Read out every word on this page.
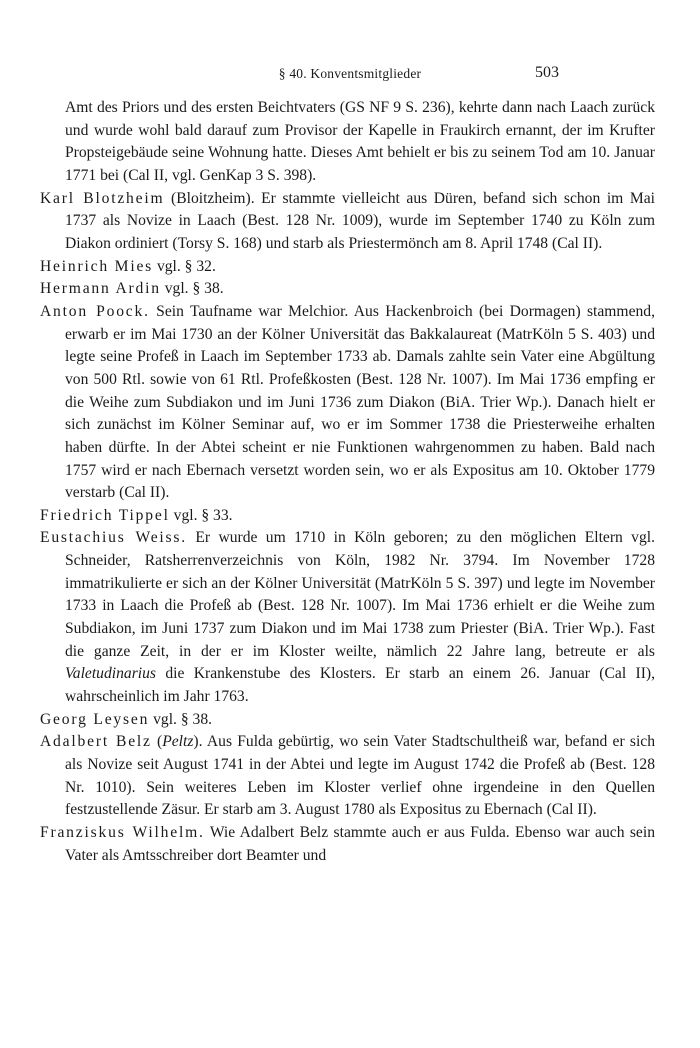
§ 40. Konventsmitglieder	503

Amt des Priors und des ersten Beichtvaters (GS NF 9 S. 236), kehrte dann nach Laach zurück und wurde wohl bald darauf zum Provisor der Kapelle in Fraukirch ernannt, der im Krufter Propsteigebäude seine Wohnung hatte. Dieses Amt behielt er bis zu seinem Tod am 10. Januar 1771 bei (Cal II, vgl. GenKap 3 S. 398).

Karl Blotzheim (Bloitzheim). Er stammte vielleicht aus Düren, befand sich schon im Mai 1737 als Novize in Laach (Best. 128 Nr. 1009), wurde im September 1740 zu Köln zum Diakon ordiniert (Torsy S. 168) und starb als Priestermönch am 8. April 1748 (Cal II).

Heinrich Mies vgl. § 32.

Hermann Ardin vgl. § 38.

Anton Poock. Sein Taufname war Melchior. Aus Hackenbroich (bei Dormagen) stammend, erwarb er im Mai 1730 an der Kölner Universität das Bakkalaureat (MatrKöln 5 S. 403) und legte seine Profeß in Laach im September 1733 ab. Damals zahlte sein Vater eine Abgültung von 500 Rtl. sowie von 61 Rtl. Profeßkosten (Best. 128 Nr. 1007). Im Mai 1736 empfing er die Weihe zum Subdiakon und im Juni 1736 zum Diakon (BiA. Trier Wp.). Danach hielt er sich zunächst im Kölner Seminar auf, wo er im Sommer 1738 die Priesterweihe erhalten haben dürfte. In der Abtei scheint er nie Funktionen wahrgenommen zu haben. Bald nach 1757 wird er nach Ebernach versetzt worden sein, wo er als Expositus am 10. Oktober 1779 verstarb (Cal II).

Friedrich Tippel vgl. § 33.

Eustachius Weiss. Er wurde um 1710 in Köln geboren; zu den möglichen Eltern vgl. Schneider, Ratsherrenverzeichnis von Köln, 1982 Nr. 3794. Im November 1728 immatrikulierte er sich an der Kölner Universität (MatrKöln 5 S. 397) und legte im November 1733 in Laach die Profeß ab (Best. 128 Nr. 1007). Im Mai 1736 erhielt er die Weihe zum Subdiakon, im Juni 1737 zum Diakon und im Mai 1738 zum Priester (BiA. Trier Wp.). Fast die ganze Zeit, in der er im Kloster weilte, nämlich 22 Jahre lang, betreute er als Valetudinarius die Krankenstube des Klosters. Er starb an einem 26. Januar (Cal II), wahrscheinlich im Jahr 1763.

Georg Leysen vgl. § 38.

Adalbert Belz (Peltz). Aus Fulda gebürtig, wo sein Vater Stadtschultheiß war, befand er sich als Novize seit August 1741 in der Abtei und legte im August 1742 die Profeß ab (Best. 128 Nr. 1010). Sein weiteres Leben im Kloster verlief ohne irgendeine in den Quellen festzustellende Zäsur. Er starb am 3. August 1780 als Expositus zu Ebernach (Cal II).

Franziskus Wilhelm. Wie Adalbert Belz stammte auch er aus Fulda. Ebenso war auch sein Vater als Amtsschreiber dort Beamter und
